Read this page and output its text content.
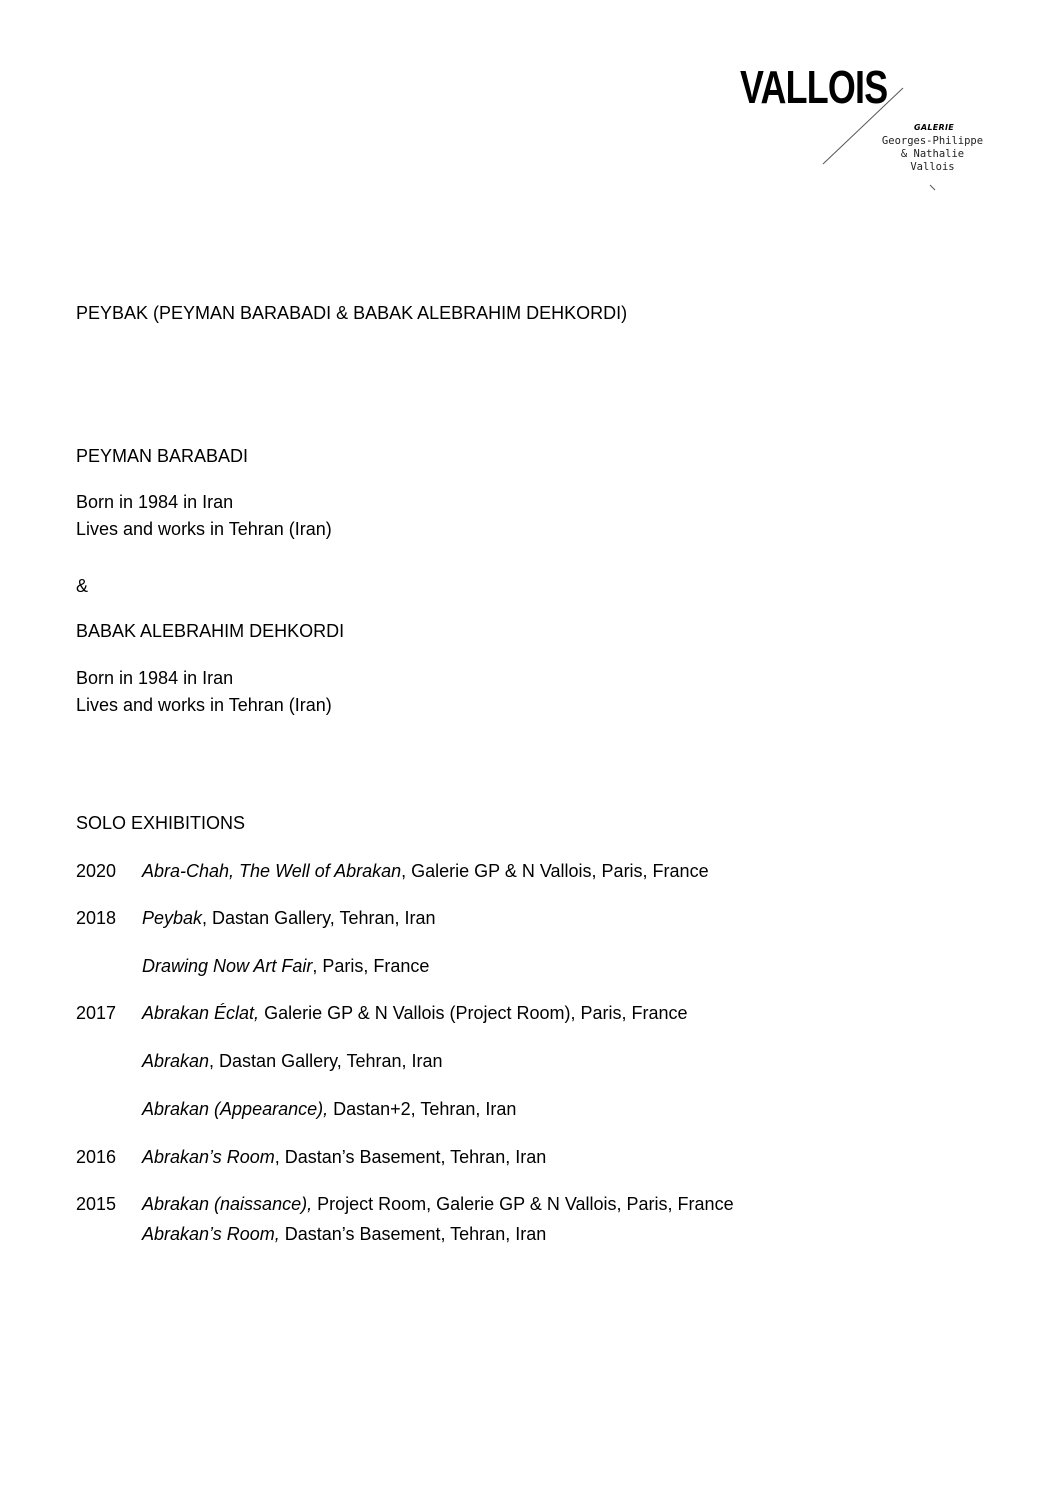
VALLOIS
GALERIE
Georges-Philippe
& Nathalie
Vallois
PEYBAK (PEYMAN BARABADI & BABAK ALEBRAHIM DEHKORDI)
PEYMAN BARABADI
Born in 1984 in Iran
Lives and works in Tehran (Iran)
&
BABAK ALEBRAHIM DEHKORDI
Born in 1984 in Iran
Lives and works in Tehran (Iran)
SOLO EXHIBITIONS
2020 Abra-Chah, The Well of Abrakan, Galerie GP & N Vallois, Paris, France
2018 Peybak, Dastan Gallery, Tehran, Iran
Drawing Now Art Fair, Paris, France
2017 Abrakan Éclat, Galerie GP & N Vallois (Project Room), Paris, France
Abrakan, Dastan Gallery, Tehran, Iran
Abrakan (Appearance), Dastan+2, Tehran, Iran
2016 Abrakan’s Room, Dastan’s Basement, Tehran, Iran
2015 Abrakan (naissance), Project Room, Galerie GP & N Vallois, Paris, France
Abrakan’s Room, Dastan’s Basement, Tehran, Iran
